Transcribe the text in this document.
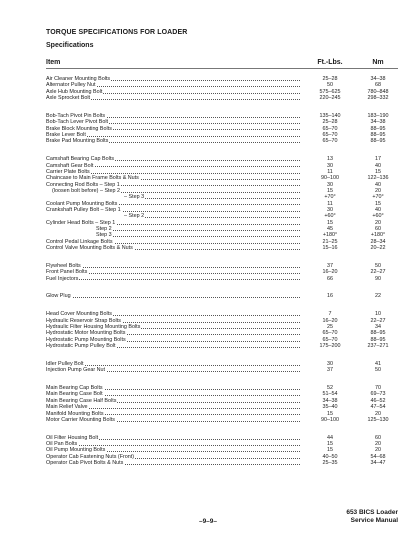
TORQUE SPECIFICATIONS FOR LOADER
Specifications
Item	Ft.-Lbs.	Nm
Air Cleaner Mounting Bolts	25–28	34–38
Alternator Pulley Nut	50	68
Axle Hub Mounting Bolt	575–625	780–848
Axle Sprocket Bolt	220–245	298–332
Bob-Tach Pivot Pin Bolts	135–140	183–190
Bob-Tach Lever Pivot Bolt	25–28	34–38
Brake Block Mounting Bolts	65–70	88–95
Brake Lever Bolt	65–70	88–95
Brake Pad Mounting Bolts	65–70	88–95
Camshaft Bearing Cap Bolts	13	17
Camshaft Gear Bolt	30	40
Carrier Plate Bolts	11	15
Chaincase to Main Frame Bolts & Nuts	90–100	122–136
Connecting Rod Bolts – Step 1	30	40
(loosen bolt before) – Step 2	15	20
– Step 3	+70°	+70°
Coolant Pump Mounting Bolts	11	15
Crankshaft Pulley Bolt – Step 1	30	40
– Step 2	+60°	+60°
Cylinder Head Bolts – Step 1	15	20
Step 2	45	60
Step 3	+180°	+180°
Control Pedal Linkage Bolts	21–25	28–34
Control Valve Mounting Bolts & Nuts	15–16	20–22
Flywheel Bolts	37	50
Front Panel Bolts	16–20	22–27
Fuel Injectors	66	90
Glow Plug	16	22
Head Cover Mounting Bolts	7	10
Hydraulic Reservoir Strap Bolts	16–20	22–27
Hydraulic Filter Housing Mounting Bolts	25	34
Hydrostatic Motor Mounting Bolts	65–70	88–95
Hydrostatic Pump Mounting Bolts	65–70	88–95
Hydrostatic Pump Pulley Bolt	175–200	237–271
Idler Pulley Bolt	30	41
Injection Pump Gear Nut	37	50
Main Bearing Cap Bolts	52	70
Main Bearing Case Bolt	51–54	69–73
Main Bearing Case Half Bolts	34–38	46–52
Main Relief Valve	35–40	47–54
Manifold Mounting Bolts	15	20
Motor Carrier Mounting Bolts	90–100	125–130
Oil Filter Housing Bolt	44	60
Oil Pan Bolts	15	20
Oil Pump Mounting Bolts	15	20
Operator Cab Fastening Nuts (Front)	40–50	54–68
Operator Cab Pivot Bolts & Nuts	25–35	34–47
–9–9–
653 BICS Loader
Service Manual
